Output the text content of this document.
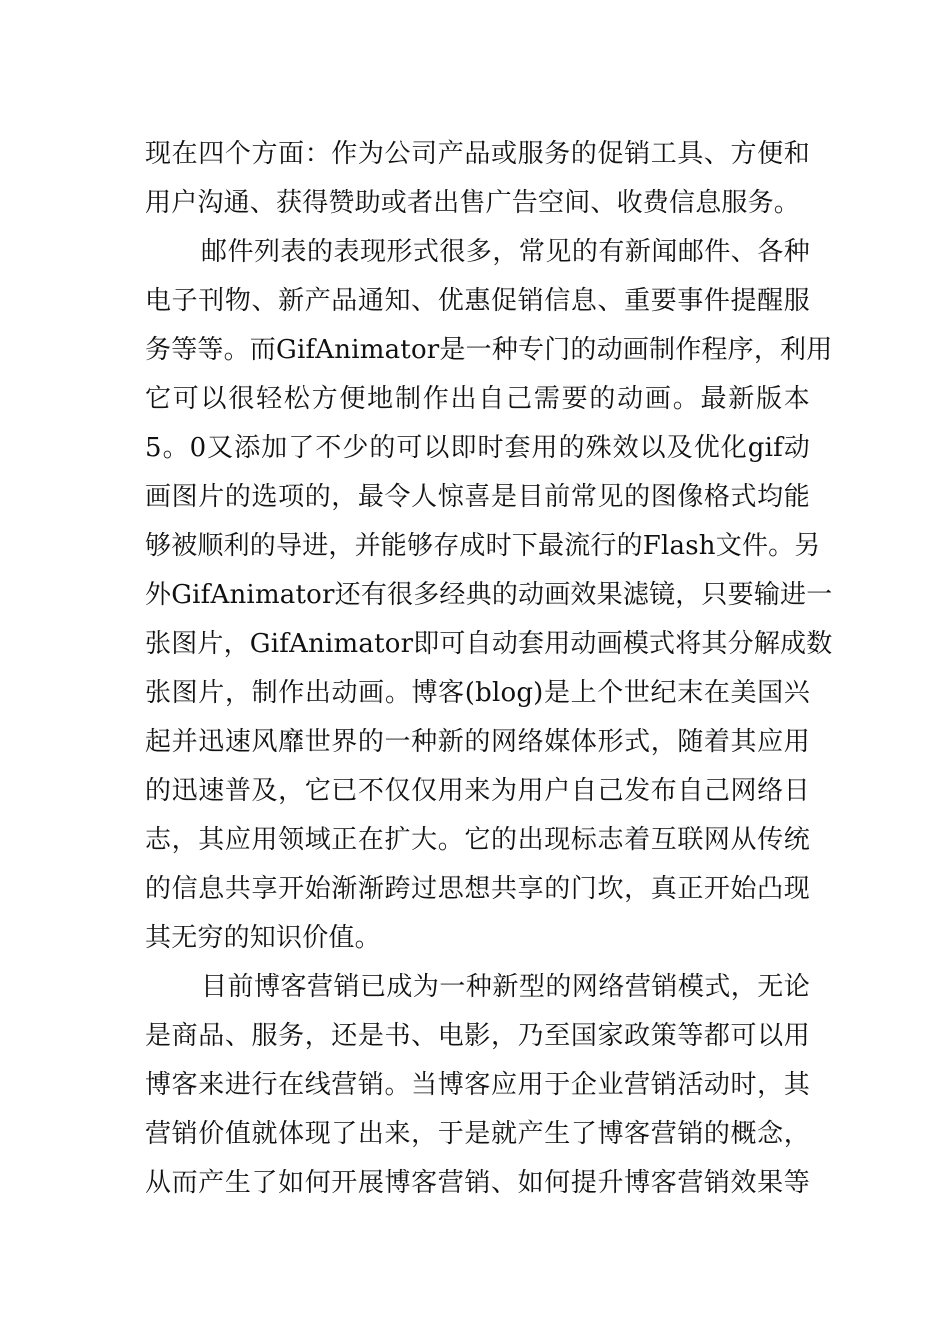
现在四个方面：作为公司产品或服务的促销工具、方便和
用户沟通、获得赞助或者出售广告空间、收费信息服务。
邮件列表的表现形式很多，常见的有新闻邮件、各种
电子刊物、新产品通知、优惠促销信息、重要事件提醒服
务等等。而GifAnimator是一种专门的动画制作程序，利用
它可以很轻松方便地制作出自己需要的动画。最新版本
5。0又添加了不少的可以即时套用的殊效以及优化gif动
画图片的选项的，最令人惊喜是目前常见的图像格式均能
够被顺利的导进，并能够存成时下最流行的Flash文件。另
外GifAnimator还有很多经典的动画效果滤镜，只要输进一
张图片，GifAnimator即可自动套用动画模式将其分解成数
张图片，制作出动画。博客(blog)是上个世纪末在美国兴
起并迅速风靡世界的一种新的网络媒体形式，随着其应用
的迅速普及，它已不仅仅用来为用户自己发布自己网络日
志，其应用领域正在扩大。它的出现标志着互联网从传统
的信息共享开始渐渐跨过思想共享的门坎，真正开始凸现
其无穷的知识价值。
目前博客营销已成为一种新型的网络营销模式，无论
是商品、服务，还是书、电影，乃至国家政策等都可以用
博客来进行在线营销。当博客应用于企业营销活动时，其
营销价值就体现了出来，于是就产生了博客营销的概念，
从而产生了如何开展博客营销、如何提升博客营销效果等
